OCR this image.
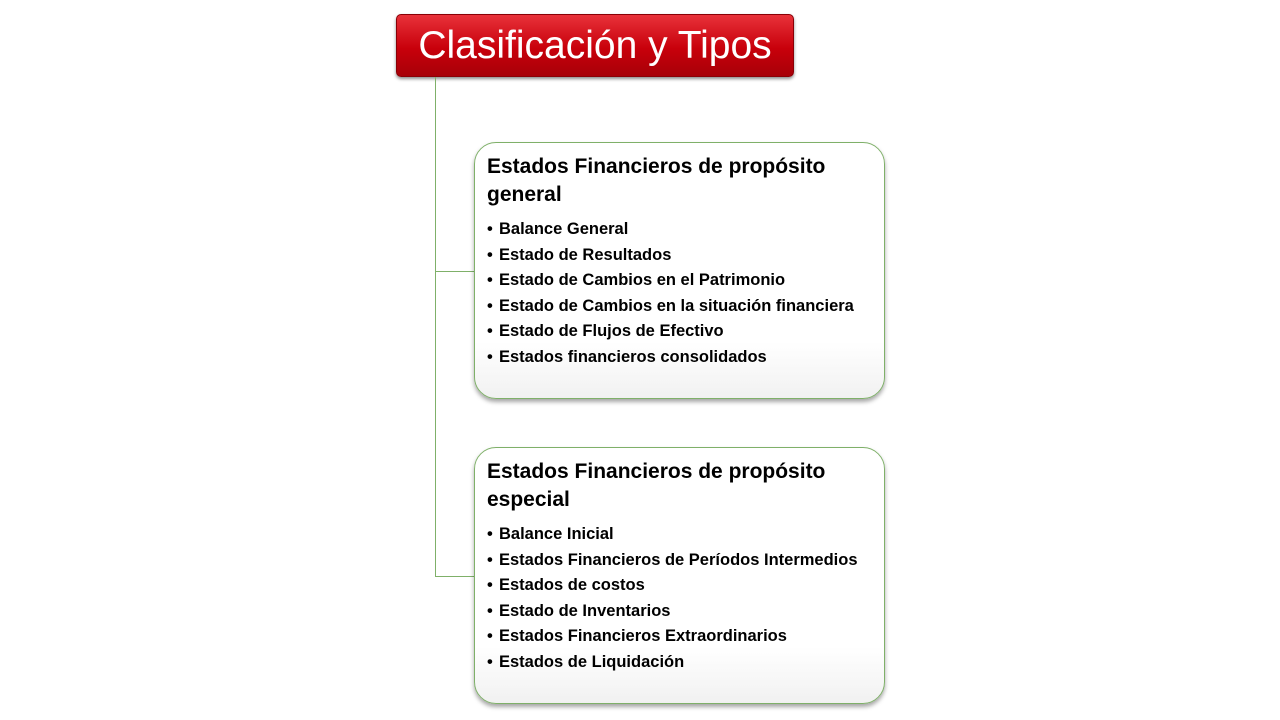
Clasificación y Tipos
Estados Financieros de propósito general
• Balance General
• Estado de Resultados
• Estado de Cambios en el Patrimonio
• Estado de Cambios en la situación financiera
• Estado de Flujos de Efectivo
• Estados financieros consolidados
Estados Financieros de propósito especial
• Balance Inicial
• Estados Financieros de Períodos Intermedios
• Estados de costos
• Estado de Inventarios
• Estados Financieros Extraordinarios
• Estados de Liquidación
